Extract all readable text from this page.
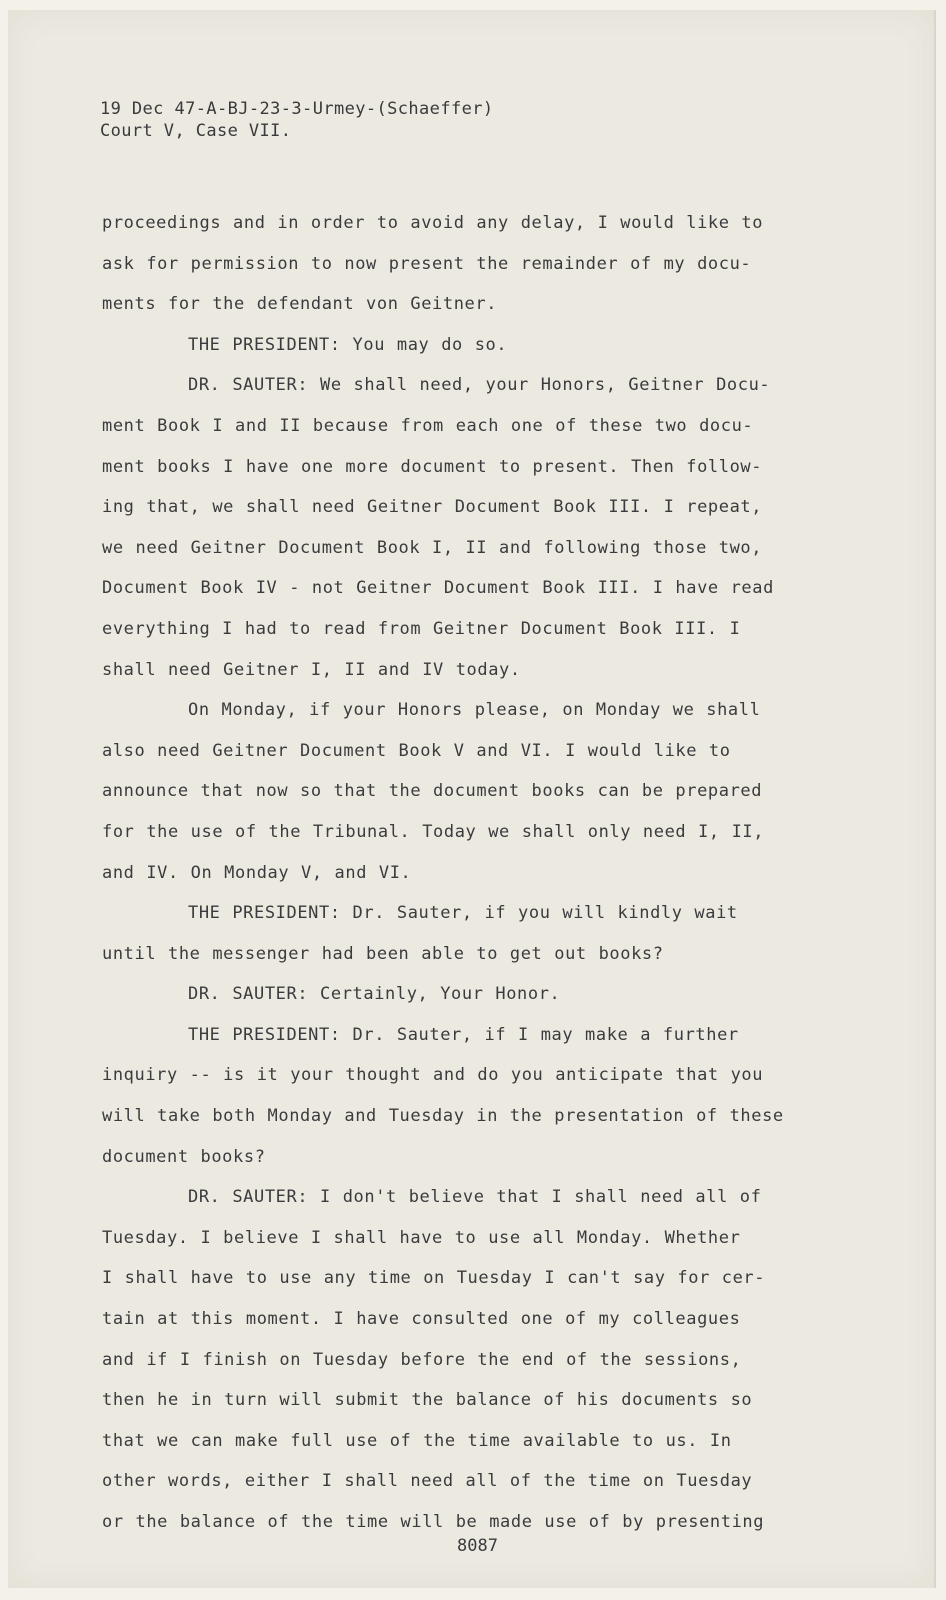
19 Dec 47-A-BJ-23-3-Urmey-(Schaeffer)
Court V, Case VII.
proceedings and in order to avoid any delay, I would like to
ask for permission to now present the remainder of my docu-
ments for the defendant von Geitner.
THE PRESIDENT: You may do so.
DR. SAUTER: We shall need, your Honors, Geitner Docu-
ment Book I and II because from each one of these two docu-
ment books I have one more document to present. Then follow-
ing that, we shall need Geitner Document Book III. I repeat,
we need Geitner Document Book I, II and following those two,
Document Book IV - not Geitner Document Book III. I have read
everything I had to read from Geitner Document Book III. I
shall need Geitner I, II and IV today.
On Monday, if your Honors please, on Monday we shall
also need Geitner Document Book V and VI. I would like to
announce that now so that the document books can be prepared
for the use of the Tribunal. Today we shall only need I, II,
and IV. On Monday V, and VI.
THE PRESIDENT: Dr. Sauter, if you will kindly wait
until the messenger had been able to get out books?
DR. SAUTER: Certainly, Your Honor.
THE PRESIDENT: Dr. Sauter, if I may make a further
inquiry -- is it your thought and do you anticipate that you
will take both Monday and Tuesday in the presentation of these
document books?
DR. SAUTER: I don't believe that I shall need all of
Tuesday. I believe I shall have to use all Monday. Whether
I shall have to use any time on Tuesday I can't say for cer-
tain at this moment. I have consulted one of my colleagues
and if I finish on Tuesday before the end of the sessions,
then he in turn will submit the balance of his documents so
that we can make full use of the time available to us. In
other words, either I shall need all of the time on Tuesday
or the balance of the time will be made use of by presenting
8087
